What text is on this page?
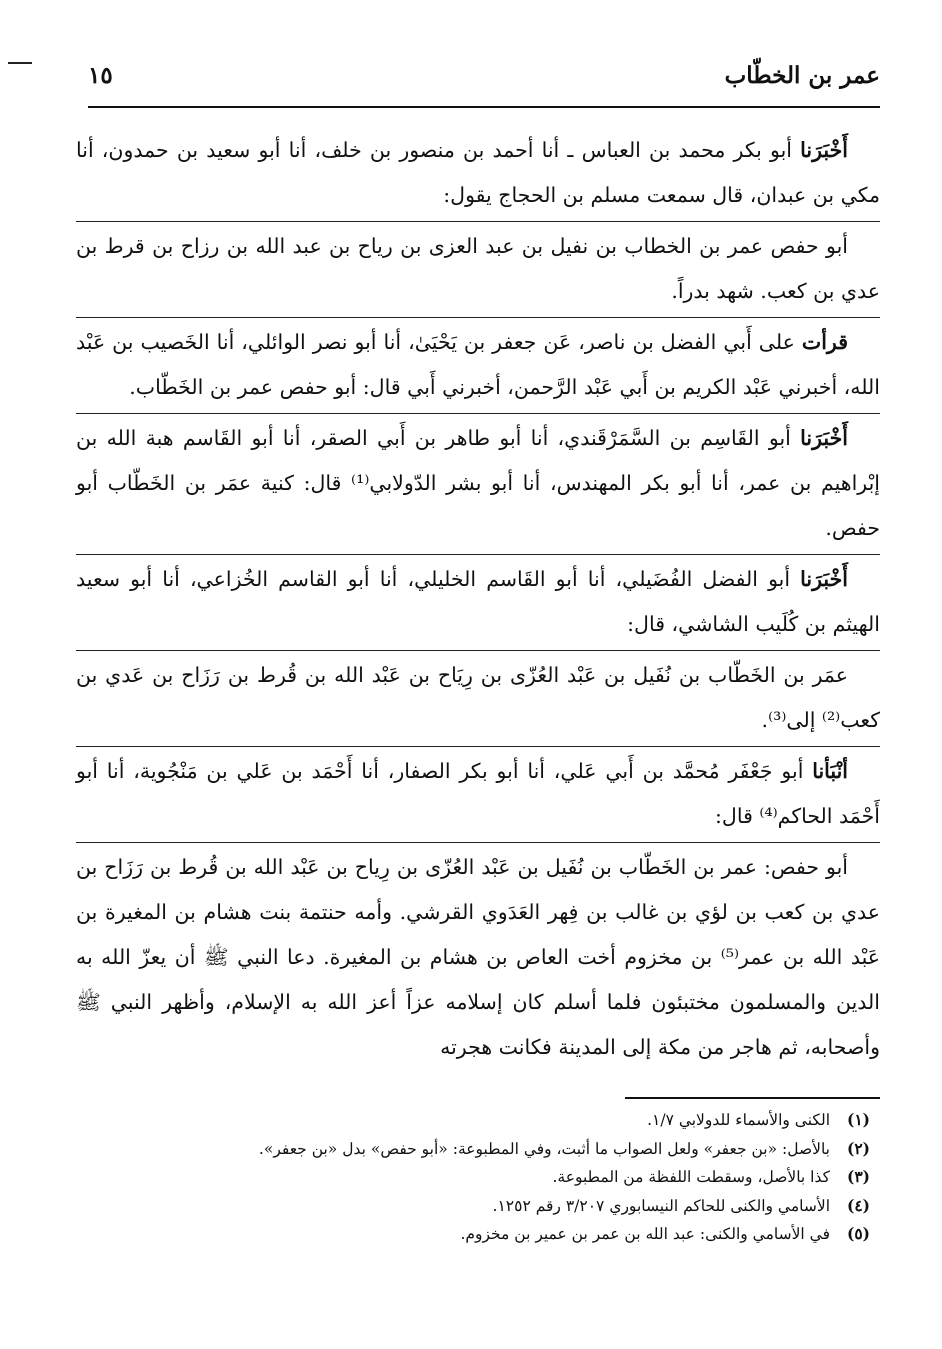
عمر بن الخطّاب
١٥

أَخْبَرَنا أبو بكر محمد بن العباس ـ أنا أحمد بن منصور بن خلف، أنا أبو سعيد بن حمدون، أنا مكي بن عبدان، قال سمعت مسلم بن الحجاج يقول:

أبو حفص عمر بن الخطاب بن نفيل بن عبد العزى بن رياح بن عبد الله بن رزاح بن قرط بن عدي بن كعب. شهد بدراً.

قرأت على أَبي الفضل بن ناصر، عَن جعفر بن يَحْيَىٰ، أنا أبو نصر الوائلي، أنا الخَصيب بن عَبْد الله، أخبرني عَبْد الكريم بن أَبي عَبْد الرَّحمن، أخبرني أَبي قال: أبو حفص عمر بن الخَطّاب.

أَخْبَرَنا أبو القَاسِم بن السَّمَرْقَندي، أنا أبو طاهر بن أَبي الصقر، أنا أبو القَاسم هبة الله بن إبْراهيم بن عمر، أنا أبو بكر المهندس، أنا أبو بشر الدّولابي⁽¹⁾ قال: كنية عمَر بن الخَطّاب أبو حفص.

أَخْبَرَنا أبو الفضل الفُضَيلي، أنا أبو القَاسم الخليلي، أنا أبو القاسم الخُزاعي، أنا أبو سعيد الهيثم بن كُلَيب الشاشي، قال:

عمَر بن الخَطّاب بن نُفَيل بن عَبْد العُزّى بن رِيَاح بن عَبْد الله بن قُرط بن رَزَاح بن عَدي بن كعب⁽²⁾ إلى⁽³⁾.

أنْبَأنا أبو جَعْفَر مُحمَّد بن أَبي عَلي، أنا أبو بكر الصفار، أنا أَحْمَد بن عَلي بن مَنْجُوية، أنا أبو أَحْمَد الحاكم⁽⁴⁾ قال:

أبو حفص: عمر بن الخَطّاب بن نُفَيل بن عَبْد العُزّى بن رِياح بن عَبْد الله بن قُرط بن رَزَاح بن عدي بن كعب بن لؤي بن غالب بن فِهر العَدَوي القرشي. وأمه حنتمة بنت هشام بن المغيرة بن عَبْد الله بن عمر⁽⁵⁾ بن مخزوم أخت العاص بن هشام بن المغيرة. دعا النبي ﷺ أن يعزّ الله به الدين والمسلمون مختبئون فلما أسلم كان إسلامه عزاً أعز الله به الإسلام، وأظهر النبي ﷺ وأصحابه، ثم هاجر من مكة إلى المدينة فكانت هجرته

(١)
الكنى والأسماء للدولابي ١/٧.
(٢)
بالأصل: «بن جعفر» ولعل الصواب ما أثبت، وفي المطبوعة: «أبو حفص» بدل «بن جعفر».
(٣)
كذا بالأصل، وسقطت اللفظة من المطبوعة.
(٤)
الأسامي والكنى للحاكم النيسابوري ٣/٢٠٧ رقم ١٢٥٢.
(٥)
في الأسامي والكنى: عبد الله بن عمر بن عمير بن مخزوم.
